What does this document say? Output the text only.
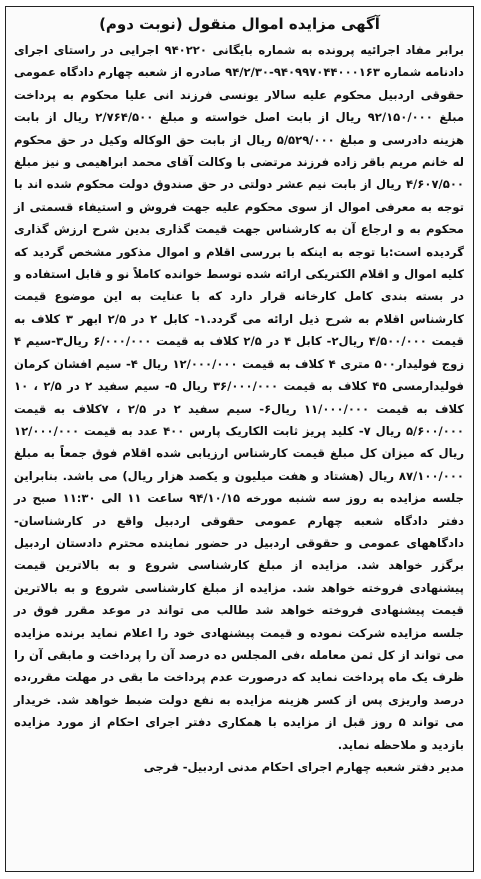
آگهی مزایده اموال منقول (نوبت دوم)
برابر مفاد اجرائیه پرونده به شماره بایگانی ۹۴۰۲۲۰ اجرایی در راستای اجرای دادنامه شماره ۹۴۰۹۹۷۰۴۴۰۰۰۱۶۳-۹۴/۲/۳۰ صادره از شعبه چهارم دادگاه عمومی حقوقی اردبیل محکوم علیه سالار یونسی فرزند انی علیا محکوم به پرداخت مبلغ ۹۲/۱۵۰/۰۰۰ ریال از بابت اصل خواسته و مبلغ ۲/۷۶۴/۵۰۰ ریال از بابت هزینه دادرسی و مبلغ ۵/۵۲۹/۰۰۰ ریال از بابت حق الوکاله وکیل در حق محکوم له خانم مریم باقر زاده فرزند مرتضی با وکالت آقای محمد ابراهیمی و نیز مبلغ ۴/۶۰۷/۵۰۰ ریال از بابت نیم عشر دولتی در حق صندوق دولت محکوم شده اند با توجه به معرفی اموال از سوی محکوم علیه جهت فروش و استیفاء قسمتی از محکوم به و ارجاع آن به کارشناس جهت قیمت گذاری بدین شرح ارزش گذاری گردیده است:با توجه به اینکه با بررسی اقلام و اموال مذکور مشخص گردید که کلیه اموال و اقلام الکتریکی ارائه شده توسط خوانده کاملاً نو و قابل استفاده و در بسته بندی کامل کارخانه قرار دارد که با عنایت به این موضوع قیمت کارشناس اقلام به شرح ذیل ارائه می گردد.۱- کابل ۲ در ۲/۵ ابهر ۳ کلاف به قیمت ۴/۵۰۰/۰۰۰ ریال۲- کابل ۴ در ۲/۵ کلاف به قیمت ۶/۰۰۰/۰۰۰ ریال۳-سیم ۴ زوج فولیدار۵۰۰ متری ۴ کلاف به قیمت ۱۲/۰۰۰/۰۰۰ ریال ۴- سیم افشان کرمان فولیدارمسی ۴۵ کلاف به قیمت ۳۶/۰۰۰/۰۰۰ ریال ۵- سیم سفید ۲ در ۲/۵ ، ۱۰ کلاف به قیمت ۱۱/۰۰۰/۰۰۰ ریال۶- سیم سفید ۲ در ۲/۵ ، ۷کلاف به قیمت ۵/۶۰۰/۰۰۰ ریال ۷- کلید پریز ثابت الکاریک پارس ۴۰۰ عدد به قیمت ۱۲/۰۰۰/۰۰۰ ریال که میزان کل مبلغ قیمت کارشناس ارزیابی شده اقلام فوق جمعاً به مبلغ ۸۷/۱۰۰/۰۰۰ ریال (هشتاد و هفت میلیون و یکصد هزار ریال) می باشد. بنابراین جلسه مزایده به روز سه شنبه مورخه ۹۴/۱۰/۱۵ ساعت ۱۱ الی ۱۱:۳۰ صبح در دفتر دادگاه شعبه چهارم عمومی حقوقی اردبیل واقع در کارشناسان- دادگاههای عمومی و حقوقی اردبیل در حضور نماینده محترم دادستان اردبیل برگزر خواهد شد. مزایده از مبلغ کارشناسی شروع و به بالاترین قیمت پیشنهادی فروخته خواهد شد. مزایده از مبلغ کارشناسی شروع و به بالاترین قیمت پیشنهادی فروخته خواهد شد طالب می تواند در موعد مقرر فوق در جلسه مزایده شرکت نموده و قیمت پیشنهادی خود را اعلام نماید برنده مزایده می تواند از کل ثمن معامله ،فی المجلس ده درصد آن را پرداخت و مابقی آن را ظرف یک ماه پرداخت نماید که درصورت عدم پرداخت ما بقی در مهلت مقرر،ده درصد واریزی پس از کسر هزینه مزایده به نفع دولت ضبط خواهد شد. خریدار می تواند ۵ روز قبل از مزایده با همکاری دفتر اجرای احکام از مورد مزایده بازدید و ملاحظه نماید.
مدیر دفتر شعبه چهارم اجرای احکام مدنی اردبیل- فرجی
